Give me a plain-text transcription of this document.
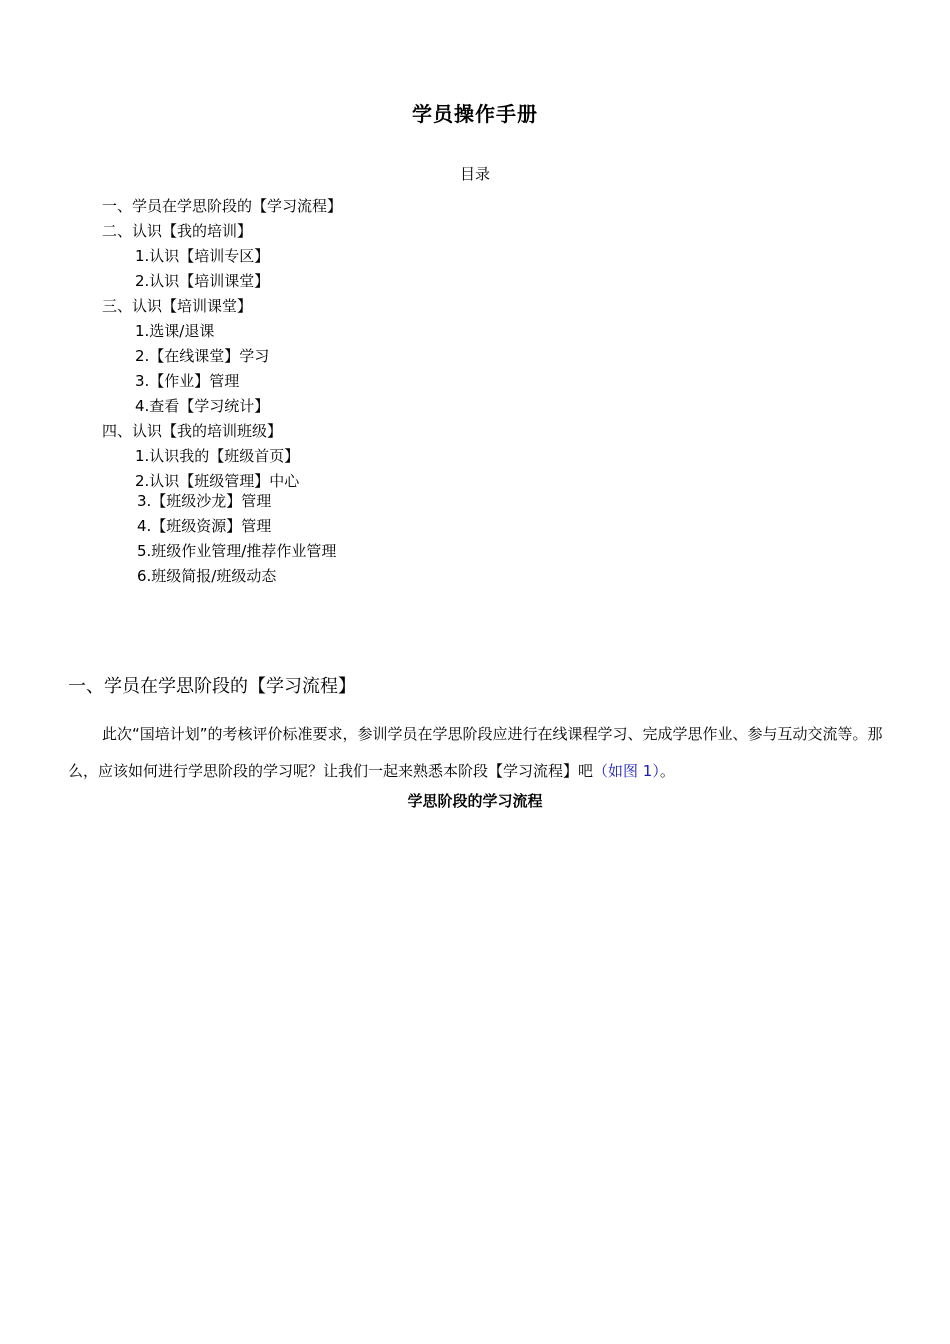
学员操作手册
目录
一、学员在学思阶段的【学习流程】
二、认识【我的培训】
1.认识【培训专区】
2.认识【培训课堂】
三、认识【培训课堂】
1.选课/退课
2.【在线课堂】学习
3.【作业】管理
4.查看【学习统计】
四、认识【我的培训班级】
1.认识我的【班级首页】
2.认识【班级管理】中心
3.【班级沙龙】管理
4.【班级资源】管理
5.班级作业管理/推荐作业管理
6.班级简报/班级动态
一、学员在学思阶段的【学习流程】

此次“国培计划”的考核评价标准要求，参训学员在学思阶段应进行在线课程学习、完成学思作业、参与互动交流等。那么，应该如何进行学思阶段的学习呢？让我们一起来熟悉本阶段【学习流程】吧（如图 1）。

学思阶段的学习流程
